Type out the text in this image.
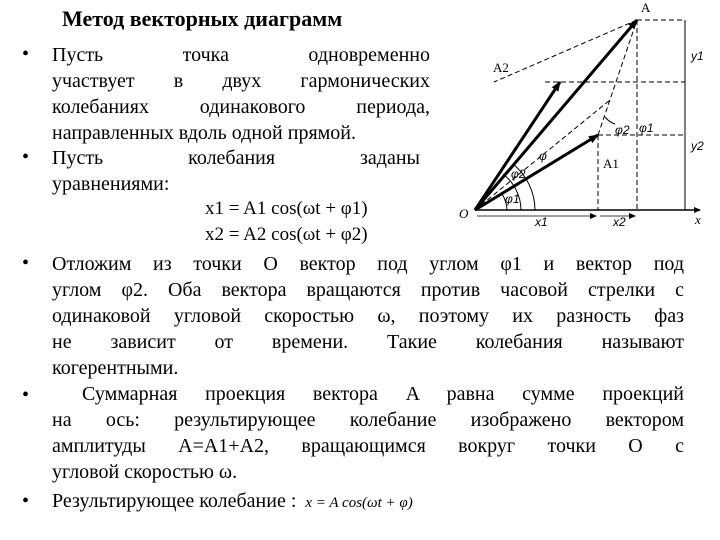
Метод векторных диаграмм
• Пусть точка одновременно
участвует в двух гармонических
колебаниях одинакового периода,
направленных вдоль одной прямой.
• Пусть колебания заданы
уравнениями:
x1 = A1 cos(ωt + φ1)
x2 = A2 cos(ωt + φ2)
• Отложим из точки O вектор под углом φ1 и вектор под
углом φ2. Оба вектора вращаются против часовой стрелки с
одинаковой угловой скоростью ω, поэтому их разность фаз
не зависит от времени. Такие колебания называют
когерентными.
•	Суммарная проекция вектора A равна сумме проекций
на ось: результирующее колебание изображено вектором
амплитуды A=A1+A2, вращающимся вокруг точки O с
угловой скоростью ω.
• Результирующее колебание : x = A cos(ωt + φ)
A
A2
A1
O	x
x1	x2
y1
y2
φ
φ2
φ1
φ2 φ1
